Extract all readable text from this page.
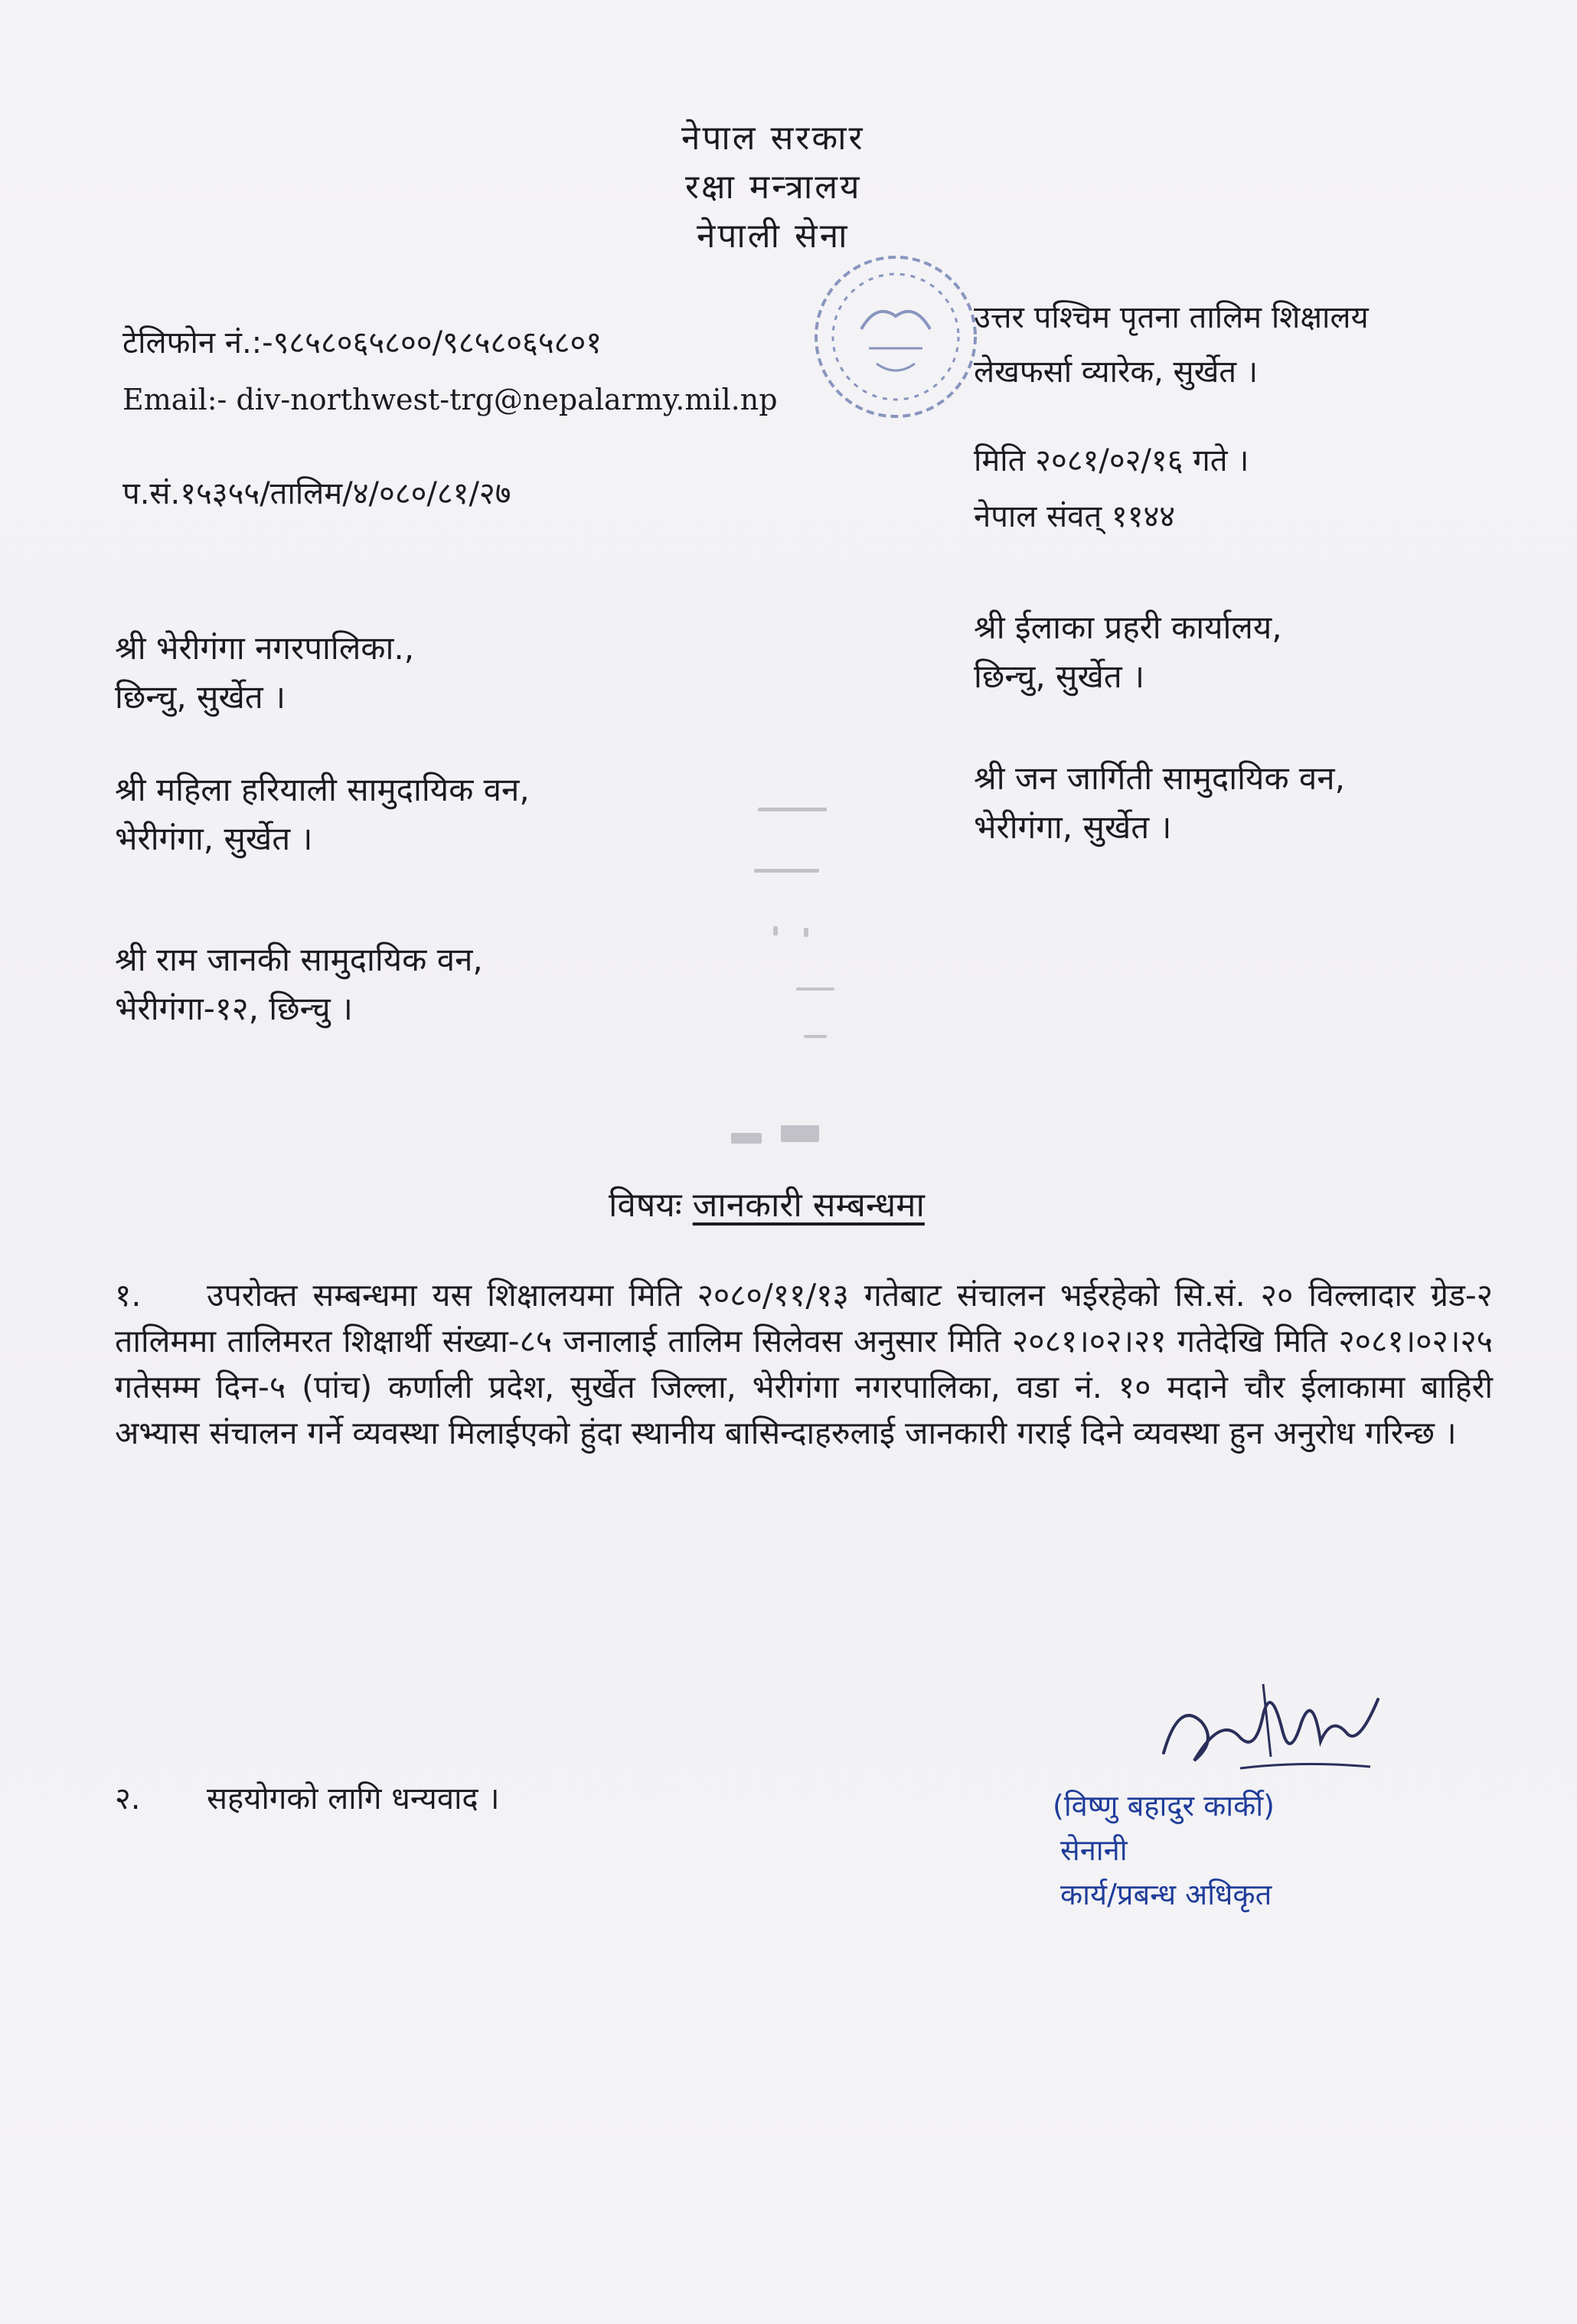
नेपाल सरकार
रक्षा मन्त्रालय
नेपाली सेना
टेलिफोन नं.:-९८५८०६५८००/९८५८०६५८०१
Email:- div-northwest-trg@nepalarmy.mil.np
उत्तर पश्चिम पृतना तालिम शिक्षालय
लेखफर्सा व्यारेक, सुर्खेत ।
प.सं.१५३५५/तालिम/४/०८०/८१/२७
मिति २०८१/०२/१६ गते ।
नेपाल संवत् ११४४
श्री भेरीगंगा नगरपालिका.,
छिन्चु, सुर्खेत ।
श्री महिला हरियाली सामुदायिक वन,
भेरीगंगा, सुर्खेत ।
श्री राम जानकी सामुदायिक वन,
भेरीगंगा-१२, छिन्चु ।
श्री ईलाका प्रहरी कार्यालय,
छिन्चु, सुर्खेत ।
श्री जन जार्गिती सामुदायिक वन,
भेरीगंगा, सुर्खेत ।
विषयः जानकारी सम्बन्धमा
१. उपरोक्त सम्बन्धमा यस शिक्षालयमा मिति २०८०/११/१३ गतेबाट संचालन भईरहेको सि.सं. २० विल्लादार ग्रेड-२ तालिममा तालिमरत शिक्षार्थी संख्या-८५ जनालाई तालिम सिलेवस अनुसार मिति २०८१।०२।२१ गतेदेखि मिति २०८१।०२।२५ गतेसम्म दिन-५ (पांच) कर्णाली प्रदेश, सुर्खेत जिल्ला, भेरीगंगा नगरपालिका, वडा नं. १० मदाने चौर ईलाकामा बाहिरी अभ्यास संचालन गर्ने व्यवस्था मिलाईएको हुंदा स्थानीय बासिन्दाहरुलाई जानकारी गराई दिने व्यवस्था हुन अनुरोध गरिन्छ ।
२. सहयोगको लागि धन्यवाद ।	(विष्णु बहादुर कार्की)
सेनानी
कार्य/प्रबन्ध अधिकृत
